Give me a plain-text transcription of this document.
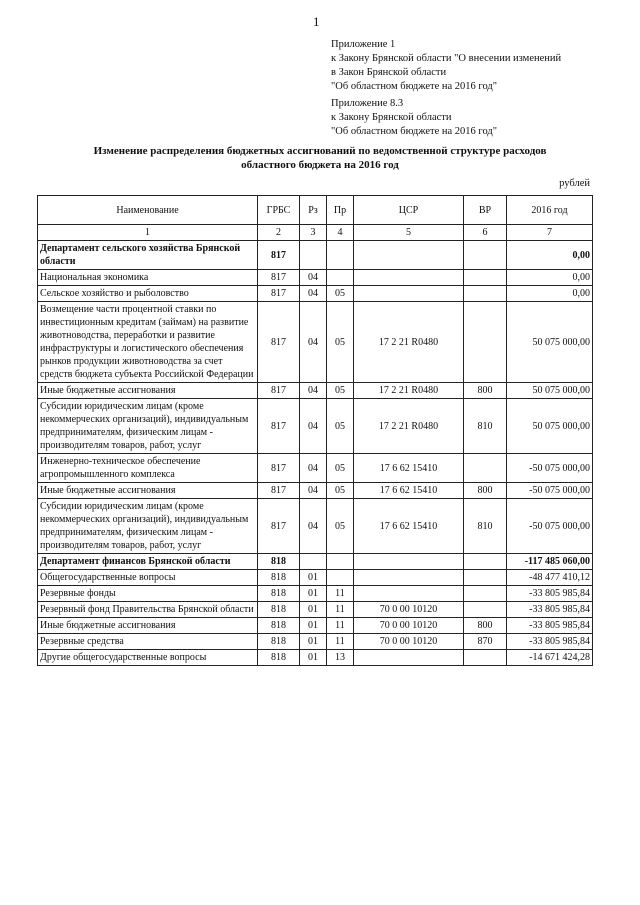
1
Приложение 1
к Закону Брянской области "О внесении изменений
в Закон Брянской области
"Об областном бюджете на 2016 год"
Приложение 8.3
к Закону Брянской области
"Об областном бюджете на 2016 год"
Изменение распределения бюджетных ассигнований по ведомственной структуре расходов
областного бюджета на 2016 год
рублей
Наименование	ГРБС	Рз	Пр	ЦСР	ВР	2016 год
1	2	3	4	5	6	7
Департамент сельского хозяйства Брянской области	817					0,00
Национальная экономика	817	04				0,00
Сельское хозяйство и рыболовство	817	04	05			0,00
Возмещение части процентной ставки по инвестиционным кредитам (займам) на развитие животноводства, переработки и развитие инфраструктуры и логистического обеспечения рынков продукции животноводства за счет средств бюджета субъекта Российской Федерации	817	04	05	17 2 21 R0480		50 075 000,00
Иные бюджетные ассигнования	817	04	05	17 2 21 R0480	800	50 075 000,00
Субсидии юридическим лицам (кроме некоммерческих организаций), индивидуальным предпринимателям, физическим лицам - производителям товаров, работ, услуг	817	04	05	17 2 21 R0480	810	50 075 000,00
Инженерно-техническое обеспечение агропромышленного комплекса	817	04	05	17 6 62 15410		-50 075 000,00
Иные бюджетные ассигнования	817	04	05	17 6 62 15410	800	-50 075 000,00
Субсидии юридическим лицам (кроме некоммерческих организаций), индивидуальным предпринимателям, физическим лицам - производителям товаров, работ, услуг	817	04	05	17 6 62 15410	810	-50 075 000,00
Департамент финансов Брянской области	818					-117 485 060,00
Общегосударственные вопросы	818	01				-48 477 410,12
Резервные фонды	818	01	11			-33 805 985,84
Резервный фонд Правительства Брянской области	818	01	11	70 0 00 10120		-33 805 985,84
Иные бюджетные ассигнования	818	01	11	70 0 00 10120	800	-33 805 985,84
Резервные средства	818	01	11	70 0 00 10120	870	-33 805 985,84
Другие общегосударственные вопросы	818	01	13			-14 671 424,28
